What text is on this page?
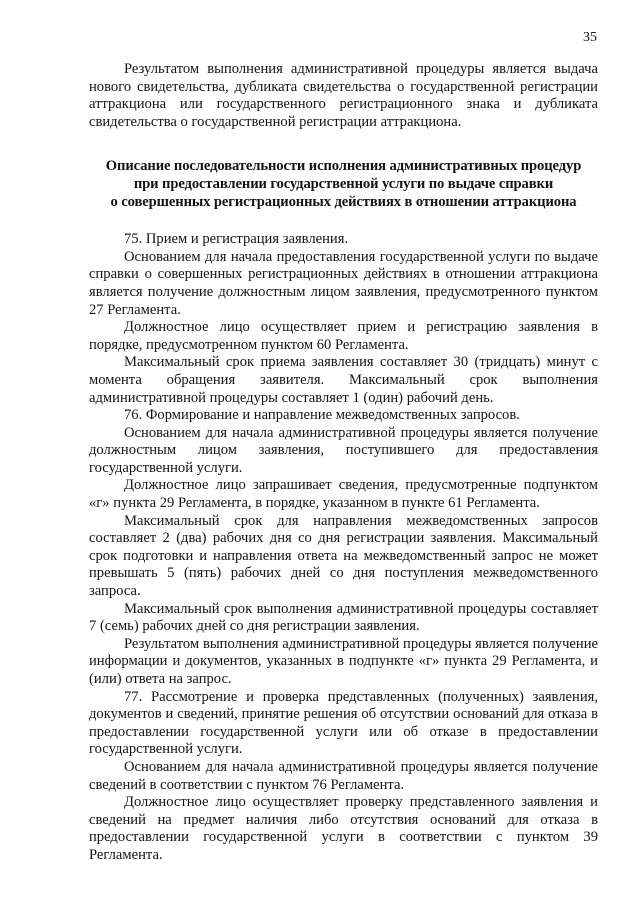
35

Результатом выполнения административной процедуры является выдача нового свидетельства, дубликата свидетельства о государственной регистрации аттракциона или государственного регистрационного знака и дубликата свидетельства о государственной регистрации аттракциона.

Описание последовательности исполнения административных процедур
при предоставлении государственной услуги по выдаче справки
о совершенных регистрационных действиях в отношении аттракциона

75. Прием и регистрация заявления.

Основанием для начала предоставления государственной услуги по выдаче справки о совершенных регистрационных действиях в отношении аттракциона является получение должностным лицом заявления, предусмотренного пунктом 27 Регламента.

Должностное лицо осуществляет прием и регистрацию заявления в порядке, предусмотренном пунктом 60 Регламента.

Максимальный срок приема заявления составляет 30 (тридцать) минут с момента обращения заявителя. Максимальный срок выполнения административной процедуры составляет 1 (один) рабочий день.

76. Формирование и направление межведомственных запросов.

Основанием для начала административной процедуры является получение должностным лицом заявления, поступившего для предоставления государственной услуги.

Должностное лицо запрашивает сведения, предусмотренные подпунктом «г» пункта 29 Регламента, в порядке, указанном в пункте 61 Регламента.

Максимальный срок для направления межведомственных запросов составляет 2 (два) рабочих дня со дня регистрации заявления. Максимальный срок подготовки и направления ответа на межведомственный запрос не может превышать 5 (пять) рабочих дней со дня поступления межведомственного запроса.

Максимальный срок выполнения административной процедуры составляет 7 (семь) рабочих дней со дня регистрации заявления.

Результатом выполнения административной процедуры является получение информации и документов, указанных в подпункте «г» пункта 29 Регламента, и (или) ответа на запрос.

77. Рассмотрение и проверка представленных (полученных) заявления, документов и сведений, принятие решения об отсутствии оснований для отказа в предоставлении государственной услуги или об отказе в предоставлении государственной услуги.

Основанием для начала административной процедуры является получение сведений в соответствии с пунктом 76 Регламента.

Должностное лицо осуществляет проверку представленного заявления и сведений на предмет наличия либо отсутствия оснований для отказа в предоставлении государственной услуги в соответствии с пунктом 39 Регламента.
